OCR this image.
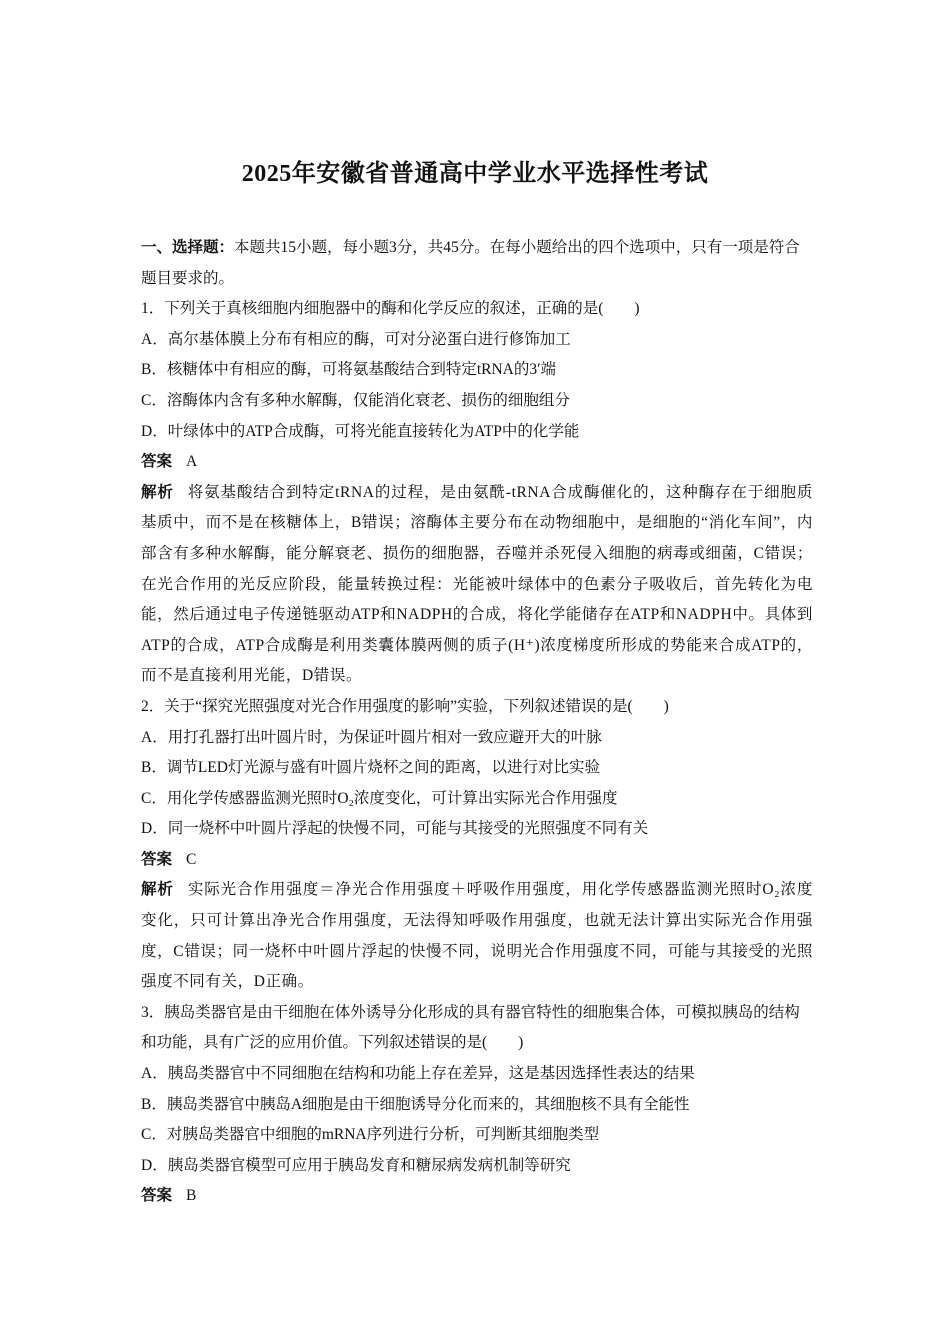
2025年安徽省普通高中学业水平选择性考试

一、选择题：本题共15小题，每小题3分，共45分。在每小题给出的四个选项中，只有一项是符合题目要求的。

1．下列关于真核细胞内细胞器中的酶和化学反应的叙述，正确的是(　　)

A．高尔基体膜上分布有相应的酶，可对分泌蛋白进行修饰加工

B．核糖体中有相应的酶，可将氨基酸结合到特定tRNA的3′端

C．溶酶体内含有多种水解酶，仅能消化衰老、损伤的细胞组分

D．叶绿体中的ATP合成酶，可将光能直接转化为ATP中的化学能

答案 A

解析 将氨基酸结合到特定tRNA的过程，是由氨酰-tRNA合成酶催化的，这种酶存在于细胞质基质中，而不是在核糖体上，B错误；溶酶体主要分布在动物细胞中，是细胞的“消化车间”，内部含有多种水解酶，能分解衰老、损伤的细胞器，吞噬并杀死侵入细胞的病毒或细菌，C错误；在光合作用的光反应阶段，能量转换过程：光能被叶绿体中的色素分子吸收后，首先转化为电能，然后通过电子传递链驱动ATP和NADPH的合成，将化学能储存在ATP和NADPH中。具体到ATP的合成，ATP合成酶是利用类囊体膜两侧的质子(H⁺)浓度梯度所形成的势能来合成ATP的，而不是直接利用光能，D错误。

2．关于“探究光照强度对光合作用强度的影响”实验，下列叙述错误的是(　　)

A．用打孔器打出叶圆片时，为保证叶圆片相对一致应避开大的叶脉

B．调节LED灯光源与盛有叶圆片烧杯之间的距离，以进行对比实验

C．用化学传感器监测光照时O₂浓度变化，可计算出实际光合作用强度

D．同一烧杯中叶圆片浮起的快慢不同，可能与其接受的光照强度不同有关

答案 C

解析 实际光合作用强度＝净光合作用强度＋呼吸作用强度，用化学传感器监测光照时O₂浓度变化，只可计算出净光合作用强度，无法得知呼吸作用强度，也就无法计算出实际光合作用强度，C错误；同一烧杯中叶圆片浮起的快慢不同，说明光合作用强度不同，可能与其接受的光照强度不同有关，D正确。

3．胰岛类器官是由干细胞在体外诱导分化形成的具有器官特性的细胞集合体，可模拟胰岛的结构和功能，具有广泛的应用价值。下列叙述错误的是(　　)

A．胰岛类器官中不同细胞在结构和功能上存在差异，这是基因选择性表达的结果

B．胰岛类器官中胰岛A细胞是由干细胞诱导分化而来的，其细胞核不具有全能性

C．对胰岛类器官中细胞的mRNA序列进行分析，可判断其细胞类型

D．胰岛类器官模型可应用于胰岛发育和糖尿病发病机制等研究

答案 B
